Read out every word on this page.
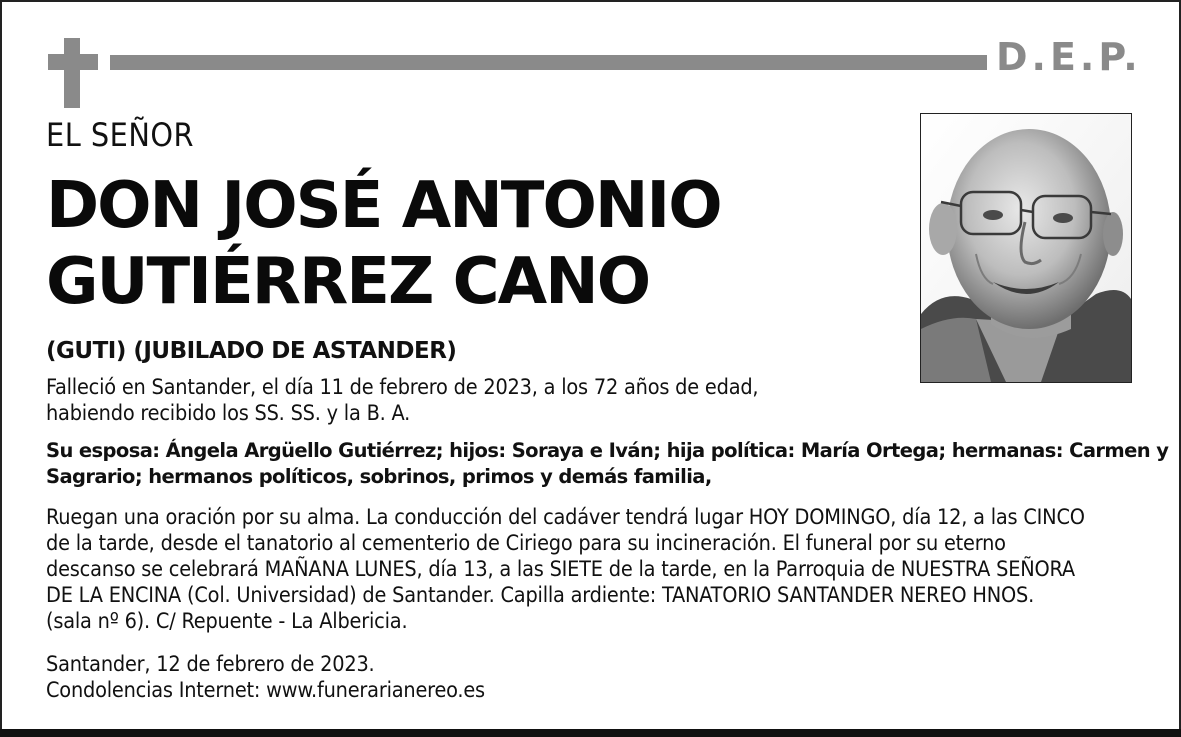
D.E.P.
EL SEÑOR
DON JOSÉ ANTONIO
GUTIÉRREZ CANO
(GUTI) (JUBILADO DE ASTANDER)
Falleció en Santander, el día 11 de febrero de 2023, a los 72 años de edad,
habiendo recibido los SS. SS. y la B. A.
Su esposa: Ángela Argüello Gutiérrez; hijos: Soraya e Iván; hija política: María Ortega; hermanas: Carmen y
Sagrario; hermanos políticos, sobrinos, primos y demás familia,
Ruegan una oración por su alma. La conducción del cadáver tendrá lugar HOY DOMINGO, día 12, a las CINCO
de la tarde, desde el tanatorio al cementerio de Ciriego para su incineración. El funeral por su eterno
descanso se celebrará MAÑANA LUNES, día 13, a las SIETE de la tarde, en la Parroquia de NUESTRA SEÑORA
DE LA ENCINA (Col. Universidad) de Santander. Capilla ardiente: TANATORIO SANTANDER NEREO HNOS.
(sala nº 6). C/ Repuente - La Albericia.
Santander, 12 de febrero de 2023.
Condolencias Internet: www.funerarianereo.es
